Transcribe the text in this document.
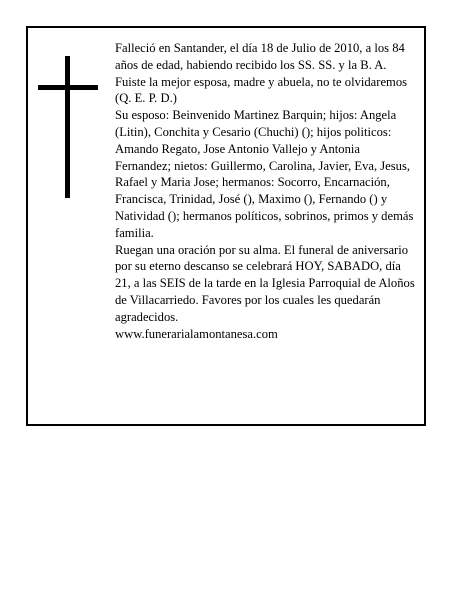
Falleció en Santander, el día 18 de Julio de 2010, a los 84 años de edad, habiendo recibido los SS. SS. y la B. A.

Fuiste la mejor esposa, madre y abuela, no te olvidaremos

(Q. E. P. D.)

Su esposo: Beinvenido Martinez Barquin; hijos: Angela (Litin), Conchita y Cesario (Chuchi) (); hijos politicos: Amando Regato, Jose Antonio Vallejo y Antonia Fernandez; nietos: Guillermo, Carolina, Javier, Eva, Jesus, Rafael y Maria Jose; hermanos: Socorro, Encarnación, Francisca, Trinidad, José (), Maximo (), Fernando () y Natividad (); hermanos políticos, sobrinos, primos y demás familia.

Ruegan una oración por su alma. El funeral de aniversario por su eterno descanso se celebrará HOY, SABADO, día 21, a las SEIS de la tarde en la Iglesia Parroquial de Aloños de Villacarriedo. Favores por los cuales les quedarán agradecidos.

www.funerarialamontanesa.com
